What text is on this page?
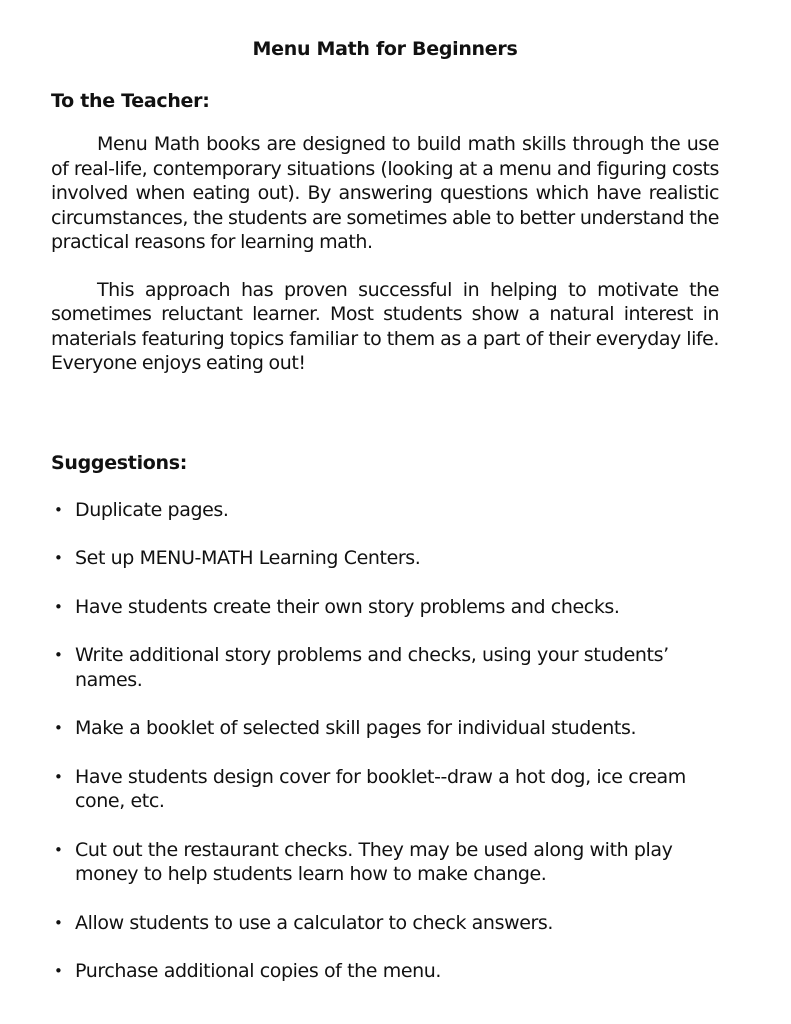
Menu Math for Beginners
To the Teacher:

Menu Math books are designed to build math skills through the use of real-life, contemporary situations (looking at a menu and figuring costs involved when eating out). By answering questions which have realistic circumstances, the students are sometimes able to better understand the practical reasons for learning math.

This approach has proven successful in helping to motivate the sometimes reluctant learner. Most students show a natural interest in materials featuring topics familiar to them as a part of their everyday life. Everyone enjoys eating out!

Suggestions:
• Duplicate pages.
• Set up MENU-MATH Learning Centers.
• Have students create their own story problems and checks.
• Write additional story problems and checks, using your students’ names.
• Make a booklet of selected skill pages for individual students.
• Have students design cover for booklet--draw a hot dog, ice cream cone, etc.
• Cut out the restaurant checks. They may be used along with play money to help students learn how to make change.
• Allow students to use a calculator to check answers.
• Purchase additional copies of the menu.
